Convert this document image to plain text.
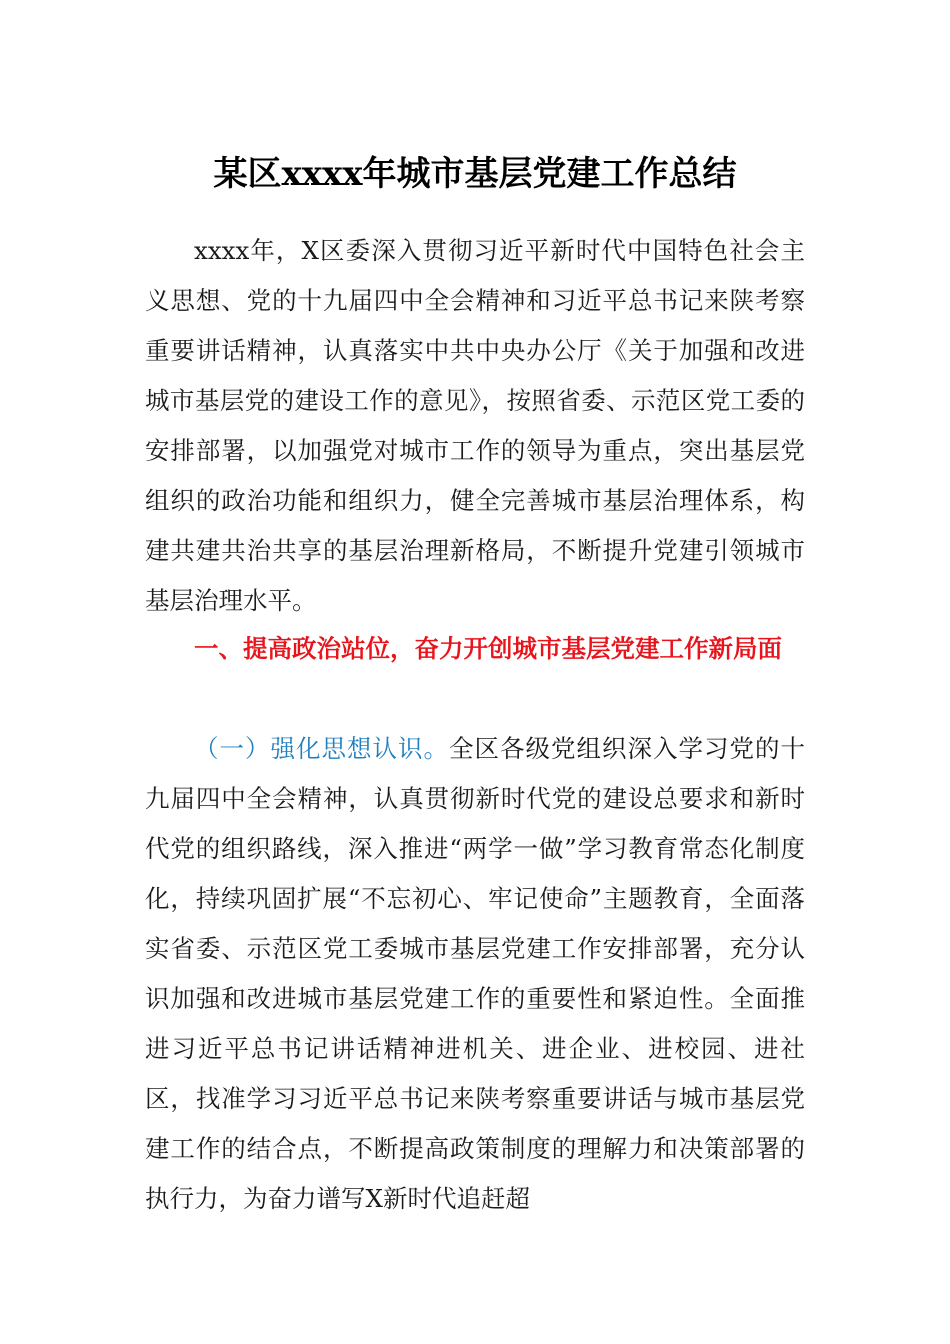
某区xxxx年城市基层党建工作总结

xxxx年，X区委深入贯彻习近平新时代中国特色社会主义思想、党的十九届四中全会精神和习近平总书记来陕考察重要讲话精神，认真落实中共中央办公厅《关于加强和改进城市基层党的建设工作的意见》，按照省委、示范区党工委的安排部署，以加强党对城市工作的领导为重点，突出基层党组织的政治功能和组织力，健全完善城市基层治理体系，构建共建共治共享的基层治理新格局，不断提升党建引领城市基层治理水平。

一、提高政治站位，奋力开创城市基层党建工作新局面

（一）强化思想认识。全区各级党组织深入学习党的十九届四中全会精神，认真贯彻新时代党的建设总要求和新时代党的组织路线，深入推进“两学一做”学习教育常态化制度化，持续巩固扩展“不忘初心、牢记使命”主题教育，全面落实省委、示范区党工委城市基层党建工作安排部署，充分认识加强和改进城市基层党建工作的重要性和紧迫性。全面推进习近平总书记讲话精神进机关、进企业、进校园、进社区，找准学习习近平总书记来陕考察重要讲话与城市基层党建工作的结合点，不断提高政策制度的理解力和决策部署的执行力，为奋力谱写X新时代追赶超
